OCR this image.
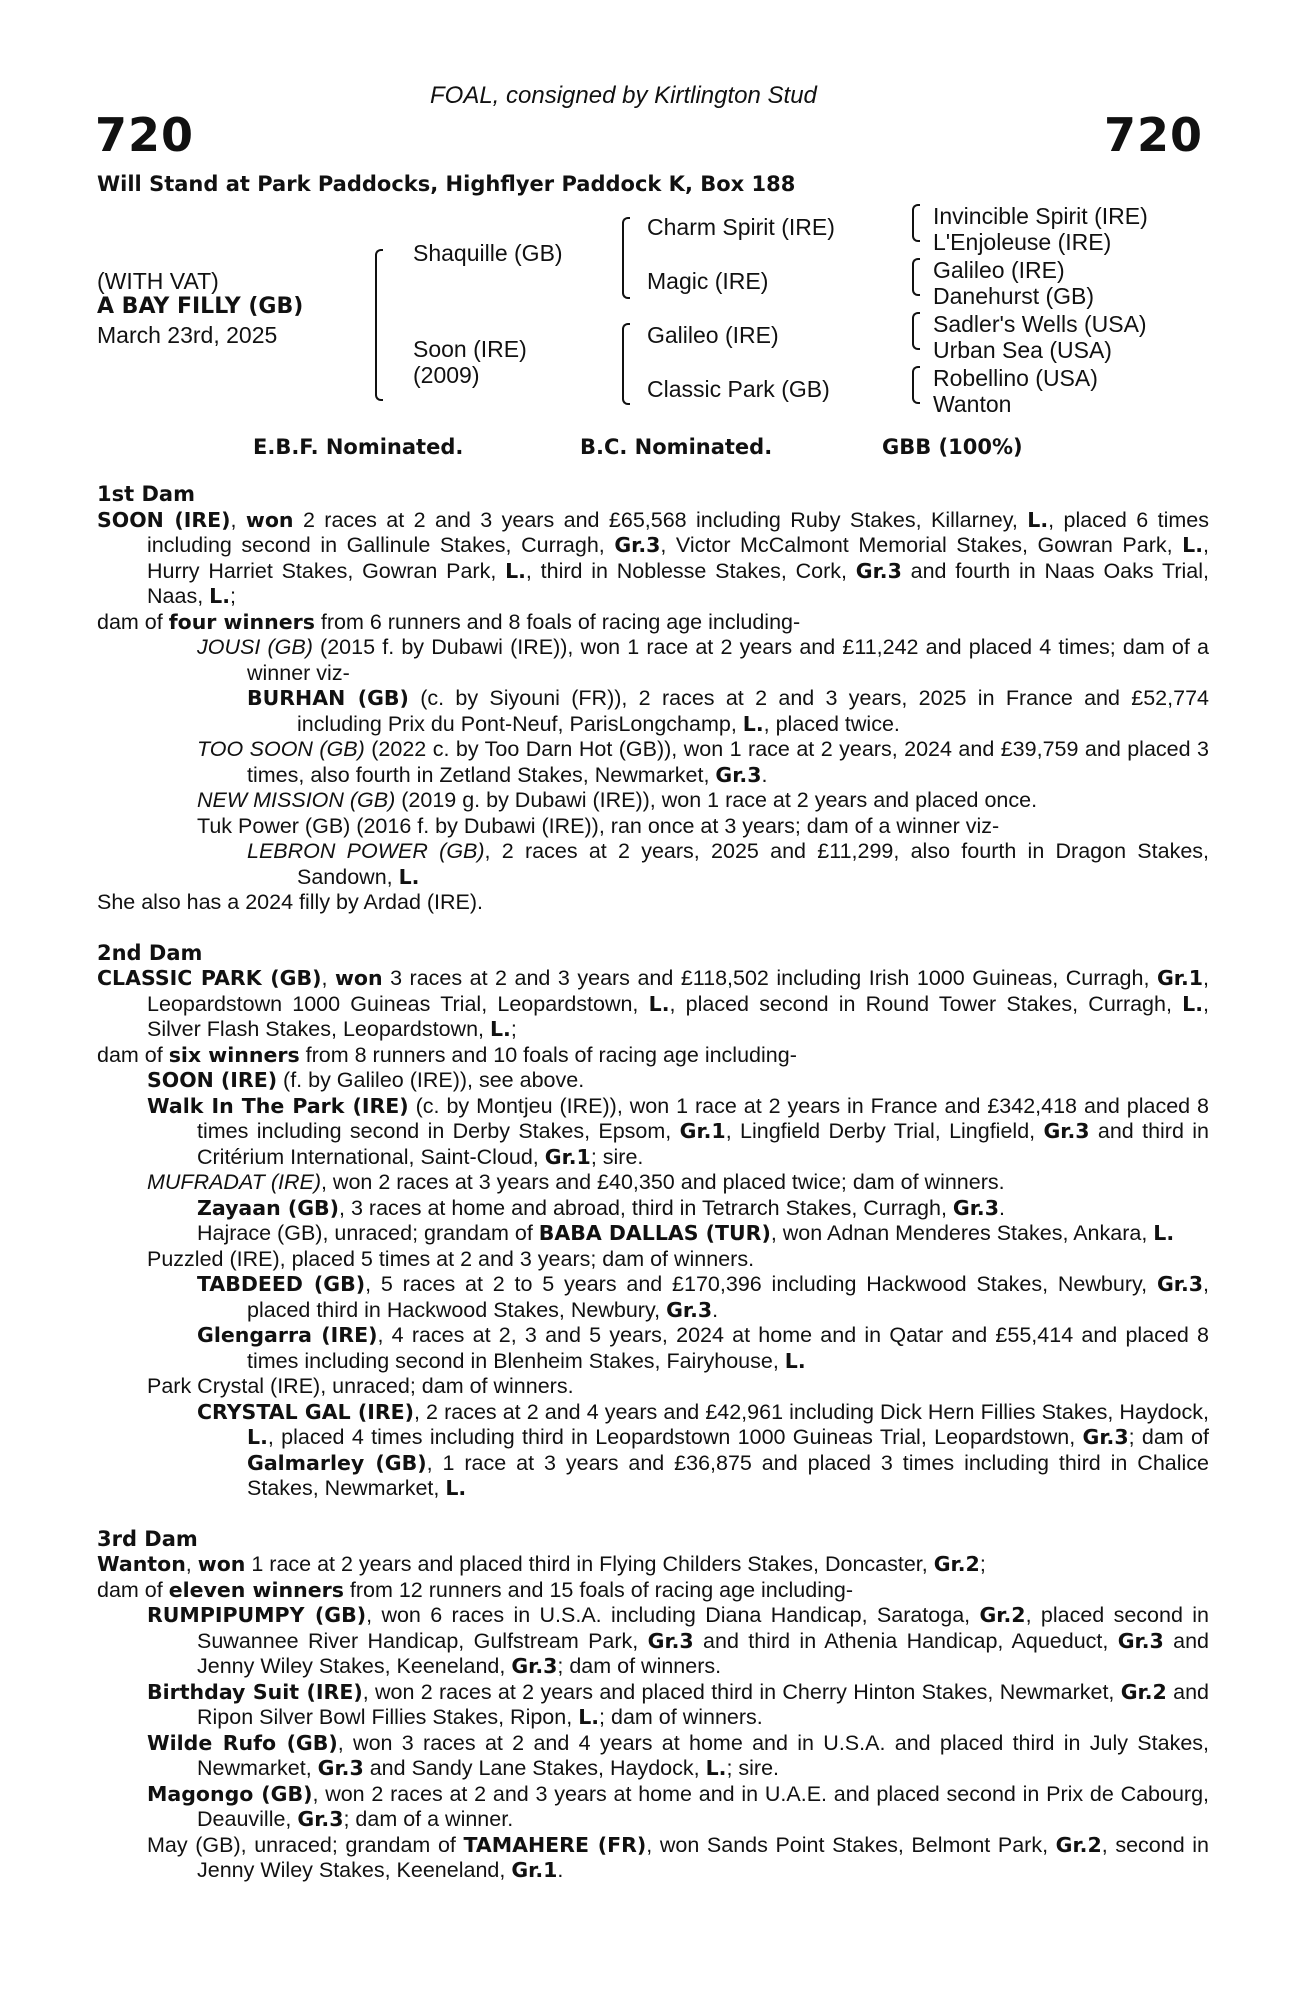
FOAL, consigned by Kirtlington Stud
720	720
Will Stand at Park Paddocks, Highflyer Paddock K, Box 188
(WITH VAT)
A BAY FILLY (GB)
March 23rd, 2025
Shaquille (GB)
Soon (IRE)
(2009)
Charm Spirit (IRE)
Magic (IRE)
Galileo (IRE)
Classic Park (GB)
Invincible Spirit (IRE)
L'Enjoleuse (IRE)
Galileo (IRE)
Danehurst (GB)
Sadler's Wells (USA)
Urban Sea (USA)
Robellino (USA)
Wanton
E.B.F. Nominated.	B.C. Nominated.	GBB (100%)
1st Dam

SOON (IRE), won 2 races at 2 and 3 years and £65,568 including Ruby Stakes, Killarney, L., placed 6 times including second in Gallinule Stakes, Curragh, Gr.3, Victor McCalmont Memorial Stakes, Gowran Park, L., Hurry Harriet Stakes, Gowran Park, L., third in Noblesse Stakes, Cork, Gr.3 and fourth in Naas Oaks Trial, Naas, L.;

dam of four winners from 6 runners and 8 foals of racing age including-

JOUSI (GB) (2015 f. by Dubawi (IRE)), won 1 race at 2 years and £11,242 and placed 4 times; dam of a winner viz-

BURHAN (GB) (c. by Siyouni (FR)), 2 races at 2 and 3 years, 2025 in France and £52,774 including Prix du Pont-Neuf, ParisLongchamp, L., placed twice.

TOO SOON (GB) (2022 c. by Too Darn Hot (GB)), won 1 race at 2 years, 2024 and £39,759 and placed 3 times, also fourth in Zetland Stakes, Newmarket, Gr.3.

NEW MISSION (GB) (2019 g. by Dubawi (IRE)), won 1 race at 2 years and placed once.

Tuk Power (GB) (2016 f. by Dubawi (IRE)), ran once at 3 years; dam of a winner viz-

LEBRON POWER (GB), 2 races at 2 years, 2025 and £11,299, also fourth in Dragon Stakes, Sandown, L.

She also has a 2024 filly by Ardad (IRE).

2nd Dam

CLASSIC PARK (GB), won 3 races at 2 and 3 years and £118,502 including Irish 1000 Guineas, Curragh, Gr.1, Leopardstown 1000 Guineas Trial, Leopardstown, L., placed second in Round Tower Stakes, Curragh, L., Silver Flash Stakes, Leopardstown, L.;

dam of six winners from 8 runners and 10 foals of racing age including-

SOON (IRE) (f. by Galileo (IRE)), see above.

Walk In The Park (IRE) (c. by Montjeu (IRE)), won 1 race at 2 years in France and £342,418 and placed 8 times including second in Derby Stakes, Epsom, Gr.1, Lingfield Derby Trial, Lingfield, Gr.3 and third in Critérium International, Saint-Cloud, Gr.1; sire.

MUFRADAT (IRE), won 2 races at 3 years and £40,350 and placed twice; dam of winners.

Zayaan (GB), 3 races at home and abroad, third in Tetrarch Stakes, Curragh, Gr.3.

Hajrace (GB), unraced; grandam of BABA DALLAS (TUR), won Adnan Menderes Stakes, Ankara, L.

Puzzled (IRE), placed 5 times at 2 and 3 years; dam of winners.

TABDEED (GB), 5 races at 2 to 5 years and £170,396 including Hackwood Stakes, Newbury, Gr.3, placed third in Hackwood Stakes, Newbury, Gr.3.

Glengarra (IRE), 4 races at 2, 3 and 5 years, 2024 at home and in Qatar and £55,414 and placed 8 times including second in Blenheim Stakes, Fairyhouse, L.

Park Crystal (IRE), unraced; dam of winners.

CRYSTAL GAL (IRE), 2 races at 2 and 4 years and £42,961 including Dick Hern Fillies Stakes, Haydock, L., placed 4 times including third in Leopardstown 1000 Guineas Trial, Leopardstown, Gr.3; dam of Galmarley (GB), 1 race at 3 years and £36,875 and placed 3 times including third in Chalice Stakes, Newmarket, L.

3rd Dam

Wanton, won 1 race at 2 years and placed third in Flying Childers Stakes, Doncaster, Gr.2;

dam of eleven winners from 12 runners and 15 foals of racing age including-

RUMPIPUMPY (GB), won 6 races in U.S.A. including Diana Handicap, Saratoga, Gr.2, placed second in Suwannee River Handicap, Gulfstream Park, Gr.3 and third in Athenia Handicap, Aqueduct, Gr.3 and Jenny Wiley Stakes, Keeneland, Gr.3; dam of winners.

Birthday Suit (IRE), won 2 races at 2 years and placed third in Cherry Hinton Stakes, Newmarket, Gr.2 and Ripon Silver Bowl Fillies Stakes, Ripon, L.; dam of winners.

Wilde Rufo (GB), won 3 races at 2 and 4 years at home and in U.S.A. and placed third in July Stakes, Newmarket, Gr.3 and Sandy Lane Stakes, Haydock, L.; sire.

Magongo (GB), won 2 races at 2 and 3 years at home and in U.A.E. and placed second in Prix de Cabourg, Deauville, Gr.3; dam of a winner.

May (GB), unraced; grandam of TAMAHERE (FR), won Sands Point Stakes, Belmont Park, Gr.2, second in Jenny Wiley Stakes, Keeneland, Gr.1.
